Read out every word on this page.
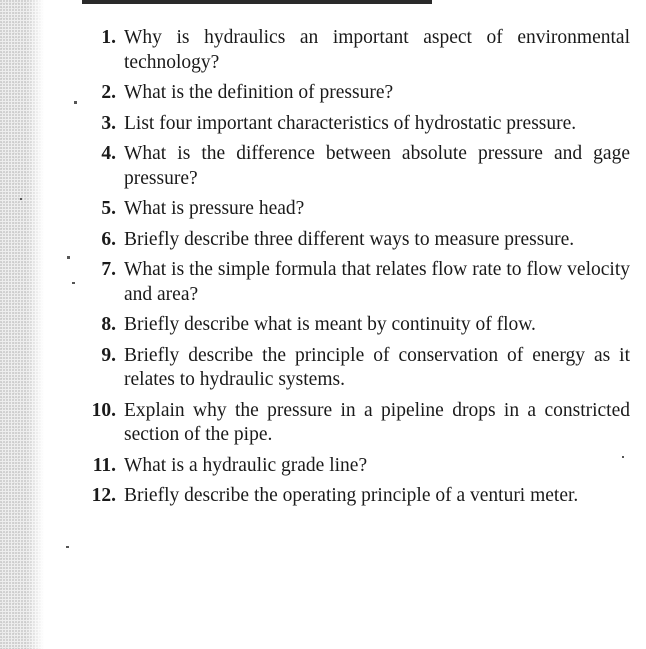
1. Why is hydraulics an important aspect of environmental technology?
2. What is the definition of pressure?
3. List four important characteristics of hydrostatic pressure.
4. What is the difference between absolute pressure and gage pressure?
5. What is pressure head?
6. Briefly describe three different ways to measure pressure.
7. What is the simple formula that relates flow rate to flow velocity and area?
8. Briefly describe what is meant by continuity of flow.
9. Briefly describe the principle of conservation of energy as it relates to hydraulic systems.
10. Explain why the pressure in a pipeline drops in a constricted section of the pipe.
11. What is a hydraulic grade line?
12. Briefly describe the operating principle of a venturi meter.
